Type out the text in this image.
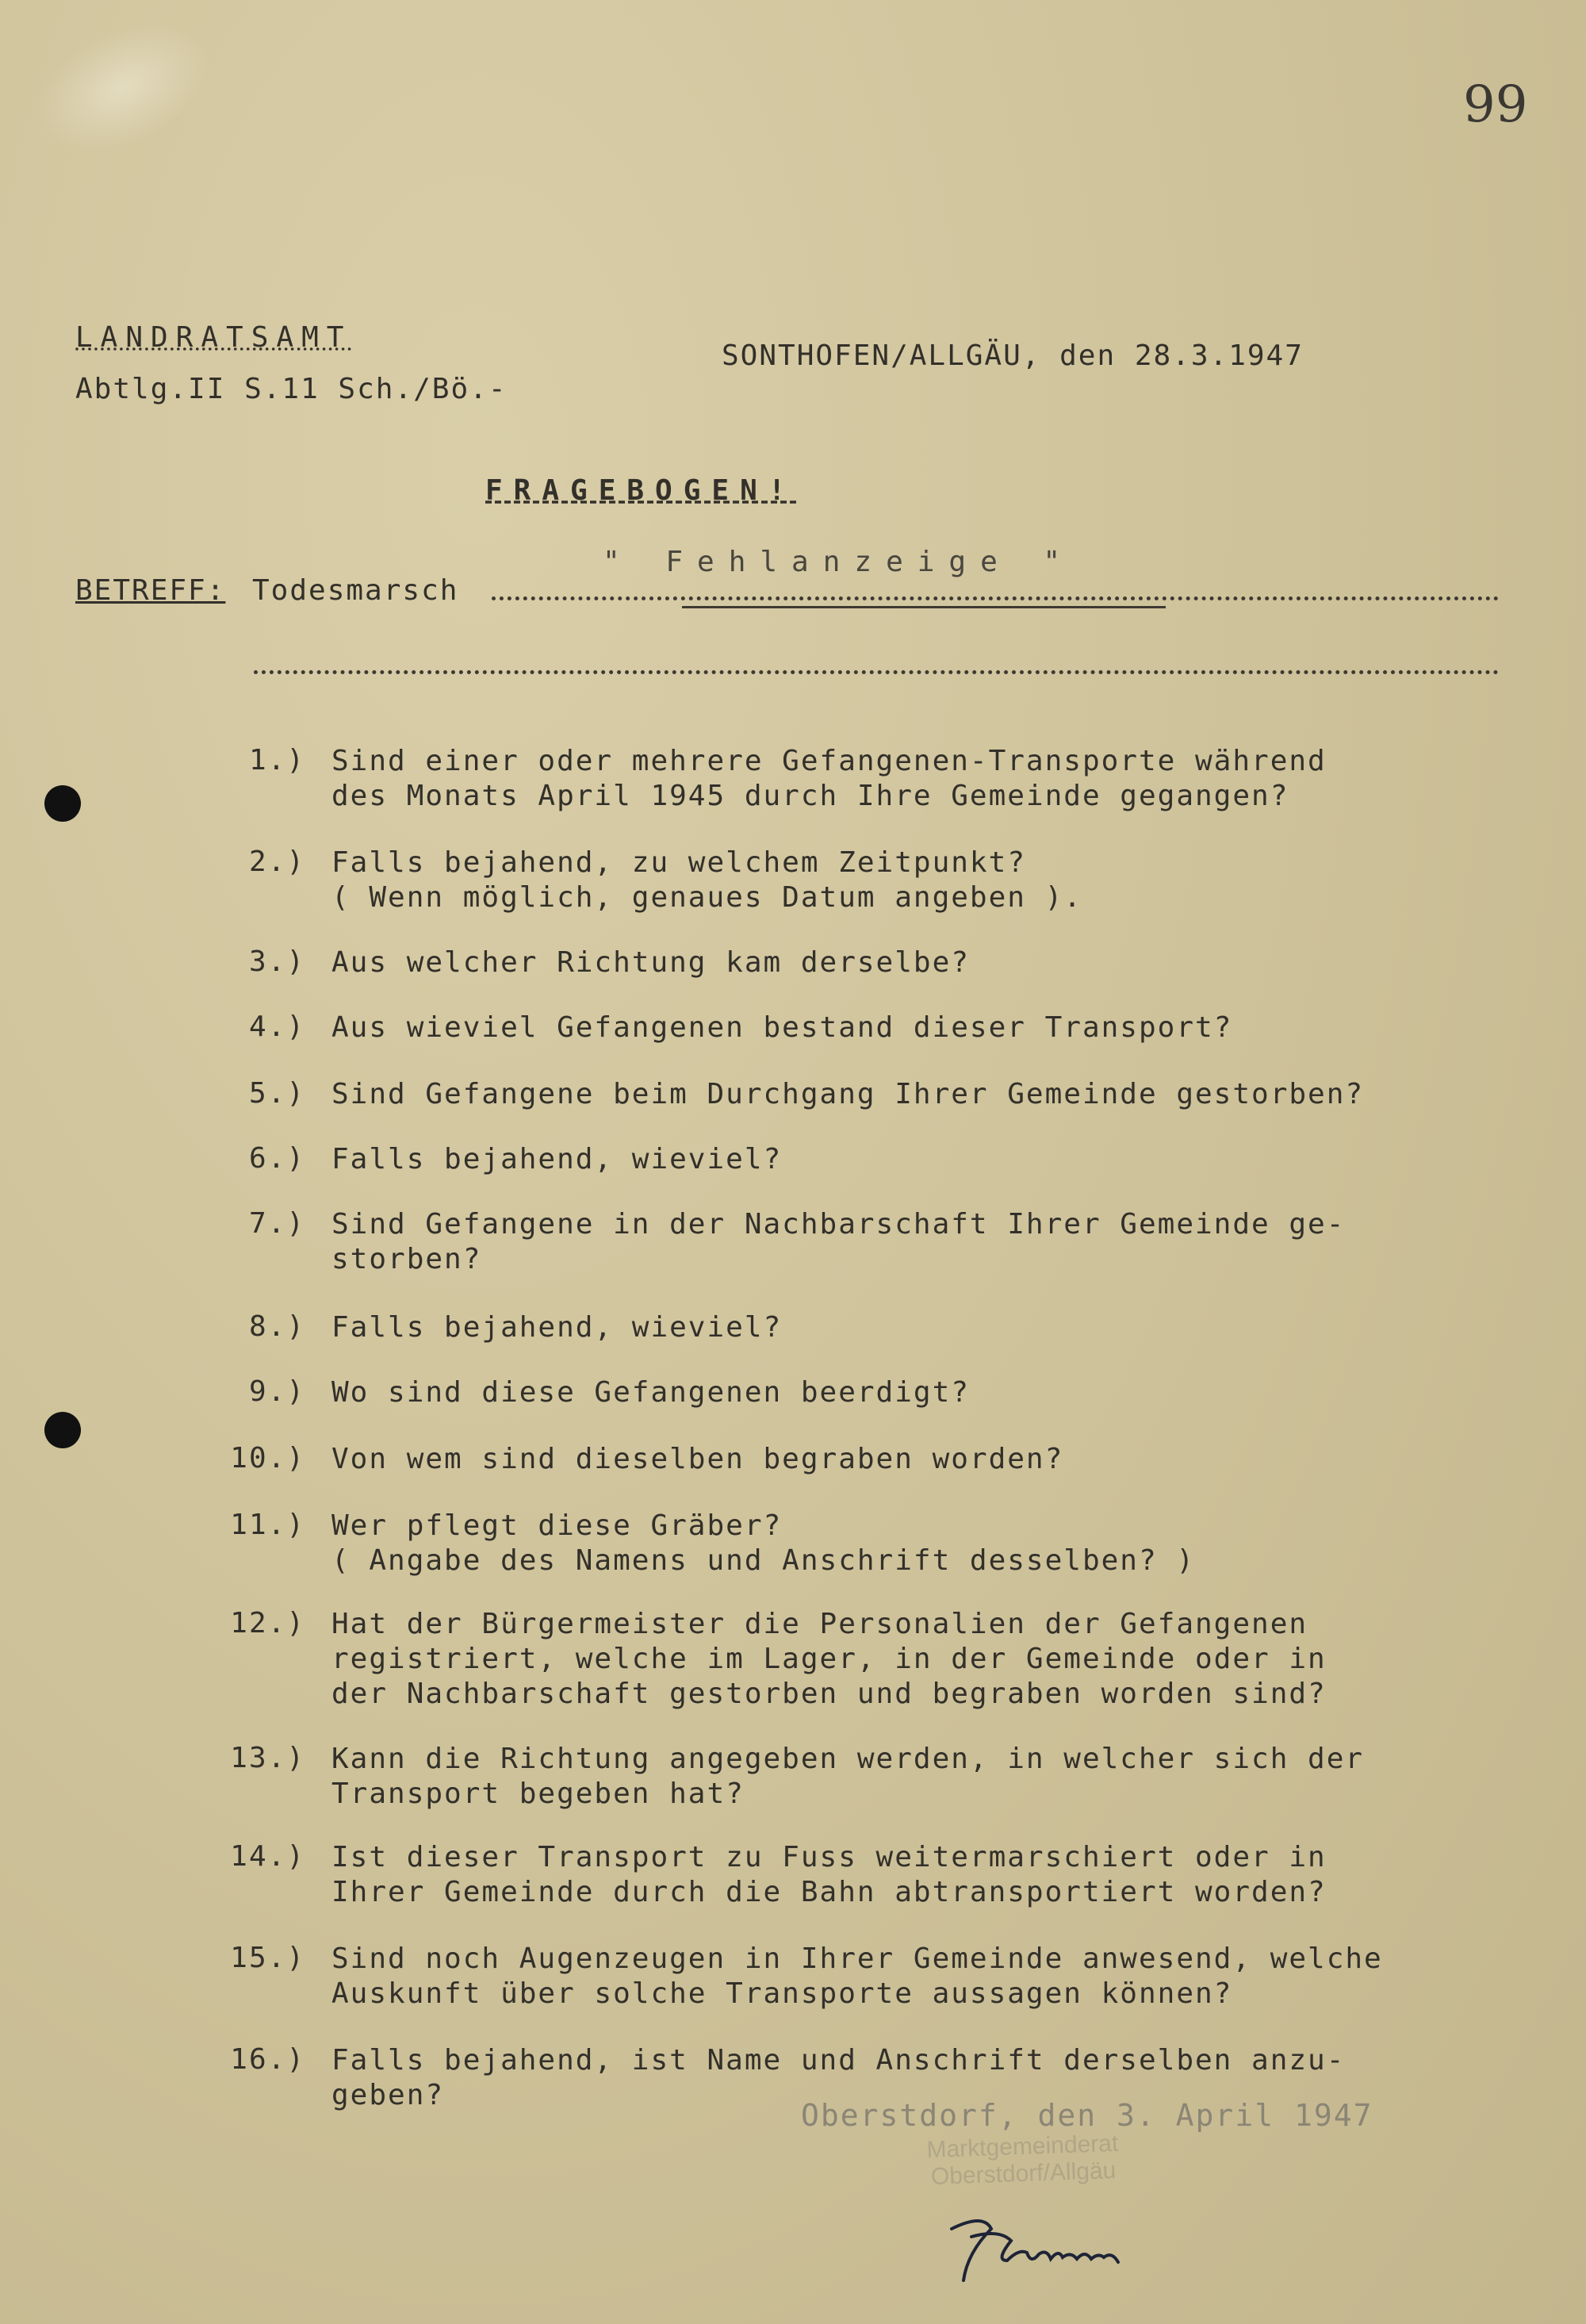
99
LANDRATSAMT
Abtlg.II S.11 Sch./Bö.-
SONTHOFEN/ALLGÄU, den 28.3.1947
FRAGEBOGEN!
" Fehlanzeige "
BETREFF: Todesmarsch
1.) Sind einer oder mehrere Gefangenen-Transporte während
des Monats April 1945 durch Ihre Gemeinde gegangen?
2.) Falls bejahend, zu welchem Zeitpunkt?
( Wenn möglich, genaues Datum angeben ).
3.) Aus welcher Richtung kam derselbe?
4.) Aus wieviel Gefangenen bestand dieser Transport?
5.) Sind Gefangene beim Durchgang Ihrer Gemeinde gestorben?
6.) Falls bejahend, wieviel?
7.) Sind Gefangene in der Nachbarschaft Ihrer Gemeinde ge-
storben?
8.) Falls bejahend, wieviel?
9.) Wo sind diese Gefangenen beerdigt?
10.) Von wem sind dieselben begraben worden?
11.) Wer pflegt diese Gräber?
( Angabe des Namens und Anschrift desselben? )
12.) Hat der Bürgermeister die Personalien der Gefangenen
registriert, welche im Lager, in der Gemeinde oder in
der Nachbarschaft gestorben und begraben worden sind?
13.) Kann die Richtung angegeben werden, in welcher sich der
Transport begeben hat?
14.) Ist dieser Transport zu Fuss weitermarschiert oder in
Ihrer Gemeinde durch die Bahn abtransportiert worden?
15.) Sind noch Augenzeugen in Ihrer Gemeinde anwesend, welche
Auskunft über solche Transporte aussagen können?
16.) Falls bejahend, ist Name und Anschrift derselben anzu-
geben?
Oberstdorf, den 3. April 1947
Marktgemeinderat
Oberstdorf/Allgäu
